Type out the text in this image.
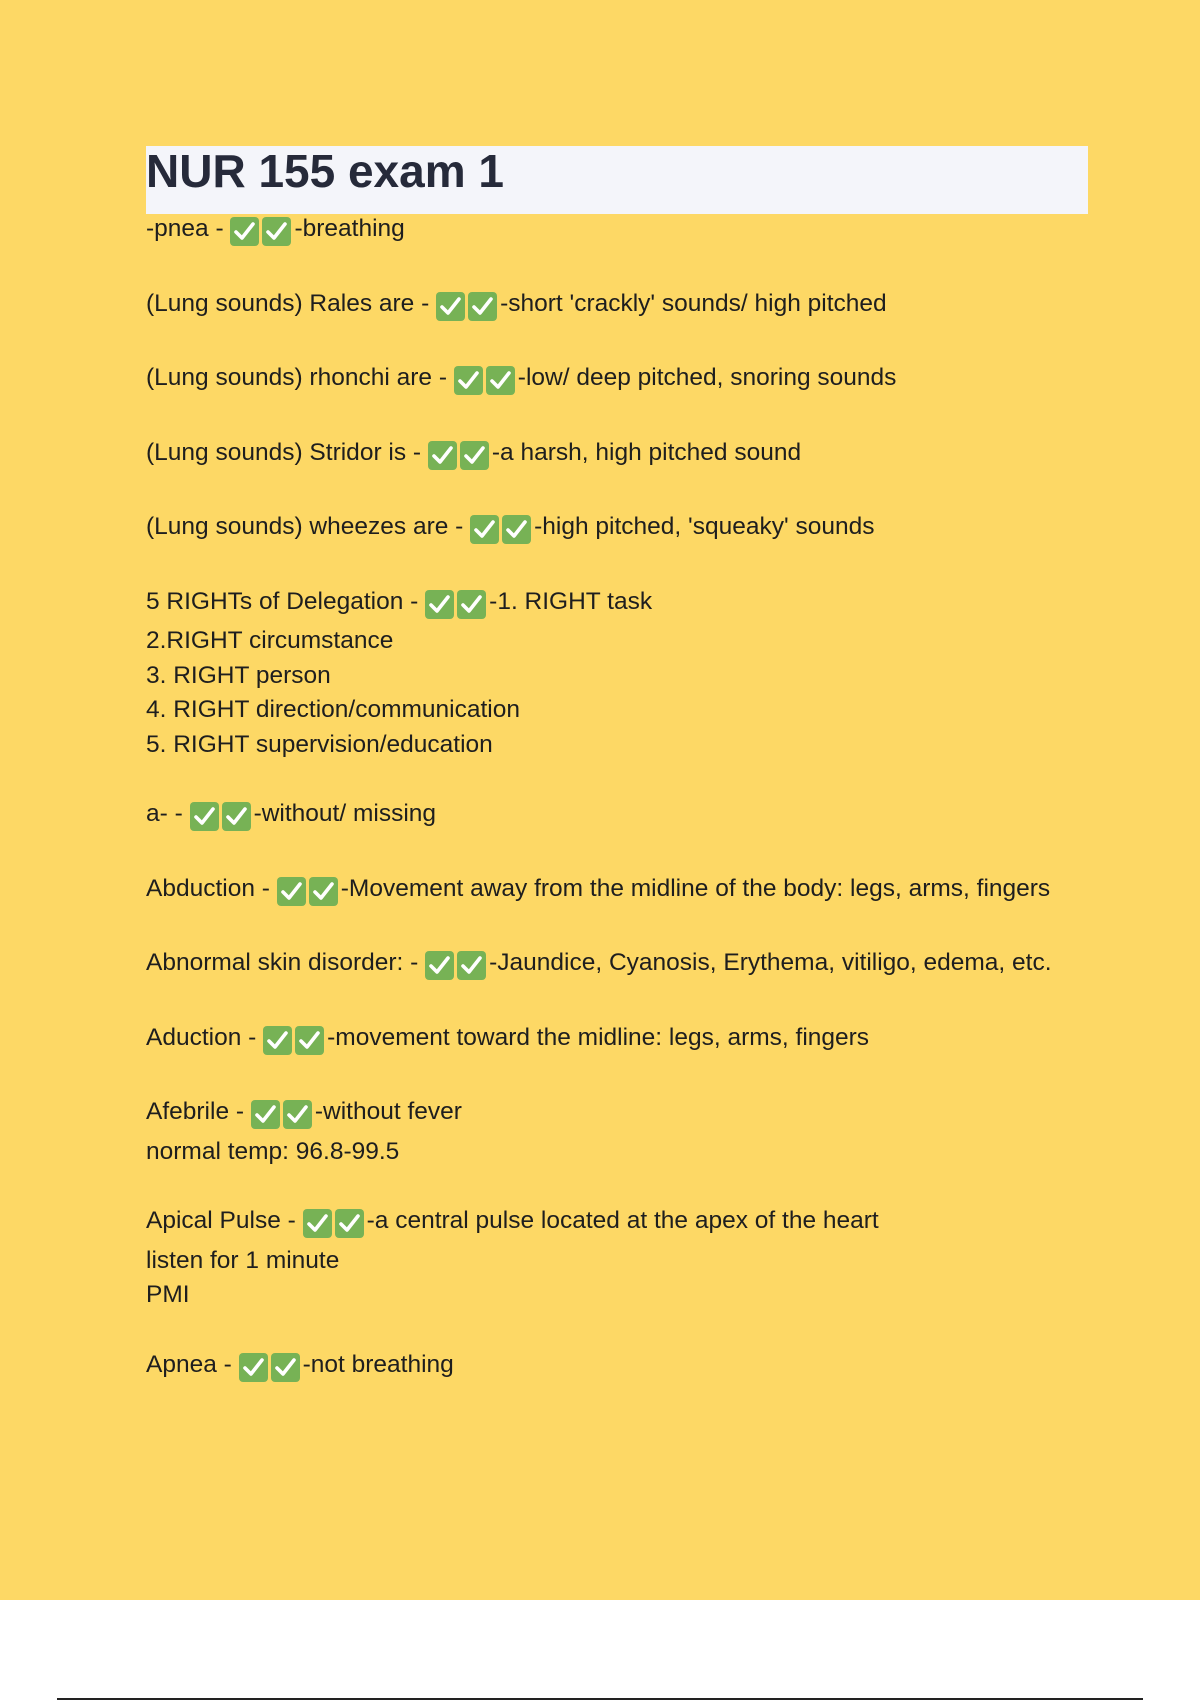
NUR 155 exam 1
-pnea -	-breathing
(Lung sounds) Rales are -	-short 'crackly' sounds/ high pitched
(Lung sounds) rhonchi are -	-low/ deep pitched, snoring sounds
(Lung sounds) Stridor is -	-a harsh, high pitched sound
(Lung sounds) wheezes are -	-high pitched, 'squeaky' sounds
5 RIGHTs of Delegation -	-1. RIGHT task
2.RIGHT circumstance
3. RIGHT person
4. RIGHT direction/communication
5. RIGHT supervision/education
a- -	-without/ missing
Abduction -	-Movement away from the midline of the body: legs, arms, fingers
Abnormal skin disorder: -	-Jaundice, Cyanosis, Erythema, vitiligo, edema, etc.
Aduction -	-movement toward the midline: legs, arms, fingers
Afebrile -	-without fever
normal temp: 96.8-99.5
Apical Pulse -	-a central pulse located at the apex of the heart
listen for 1 minute
PMI
Apnea -	-not breathing
